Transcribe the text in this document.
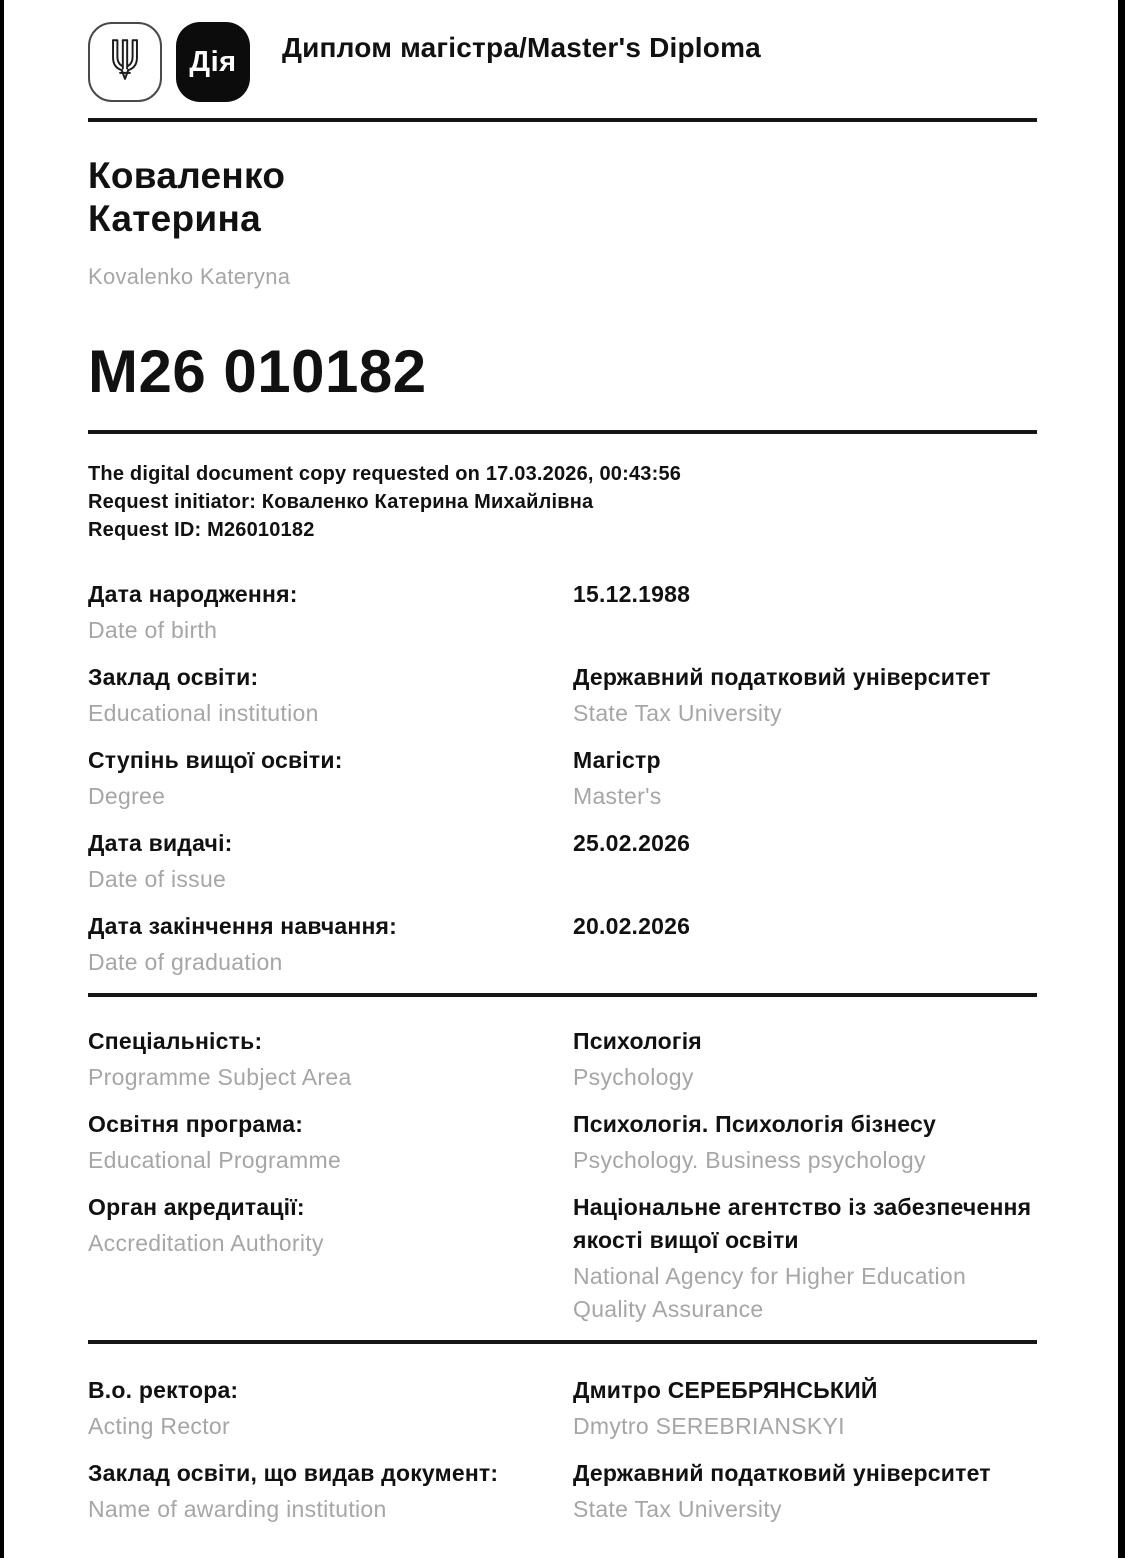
Дія Диплом магістра/Master's Diploma
Коваленко
Катерина
Kovalenko Kateryna
М26 010182
The digital document copy requested on 17.03.2026, 00:43:56
Request initiator: Коваленко Катерина Михайлівна
Request ID: M26010182
Дата народження:
Date of birth
15.12.1988
Заклад освіти:
Educational institution
Державний податковий університет
State Tax University
Ступінь вищої освіти:
Degree
Магістр
Master's
Дата видачі:
Date of issue
25.02.2026
Дата закінчення навчання:
Date of graduation
20.02.2026
Спеціальність:
Programme Subject Area
Психологія
Psychology
Освітня програма:
Educational Programme
Психологія. Психологія бізнесу
Psychology. Business psychology
Орган акредитації:
Accreditation Authority
Національне агентство із забезпечення якості вищої освіти
National Agency for Higher Education Quality Assurance
В.о. ректора:
Acting Rector
Дмитро СЕРЕБРЯНСЬКИЙ
Dmytro SEREBRIANSKYI
Заклад освіти, що видав документ:
Name of awarding institution
Державний податковий університет
State Tax University
